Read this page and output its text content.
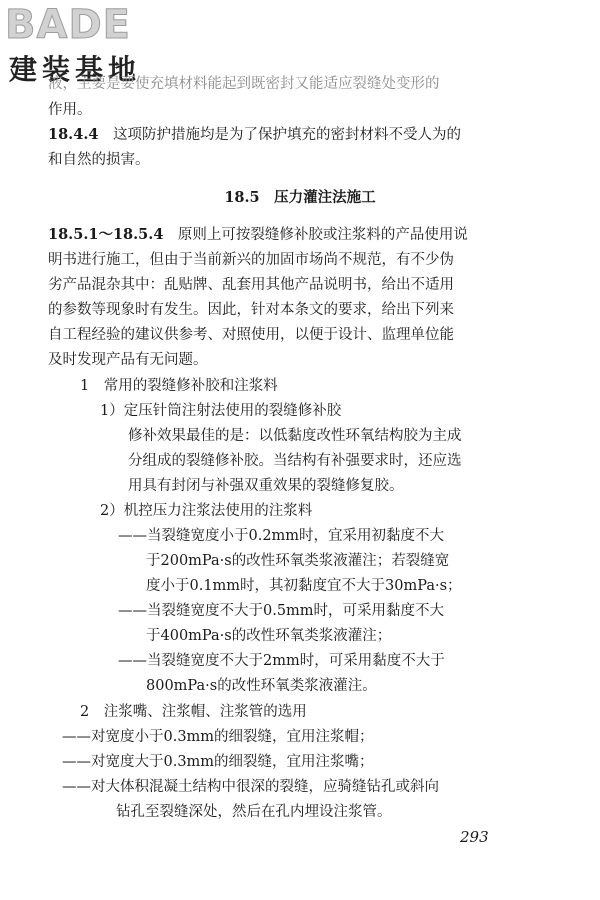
BADE
建装基地
液，主要是要使充填材料能起到既密封又能适应裂缝处变形的
作用。
18.4.4　 这项防护措施均是为了保护填充的密封材料不受人为的
和自然的损害。
18.5　 压力灌注法施工
18.5.1～18.5.4　 原则上可按裂缝修补胶或注浆料的产品使用说
明书进行施工，但由于当前新兴的加固市场尚不规范，有不少伪
劣产品混杂其中：乱贴牌、乱套用其他产品说明书，给出不适用
的参数等现象时有发生。因此，针对本条文的要求，给出下列来
自工程经验的建议供参考、对照使用，以便于设计、监理单位能
及时发现产品有无问题。
1　常用的裂缝修补胶和注浆料
1）定压针筒注射法使用的裂缝修补胶
修补效果最佳的是：以低黏度改性环氧结构胶为主成
分组成的裂缝修补胶。当结构有补强要求时，还应选
用具有封闭与补强双重效果的裂缝修复胶。
2）机控压力注浆法使用的注浆料
——当裂缝宽度小于0.2mm时，宜采用初黏度不大
于200mPa·s的改性环氧类浆液灌注；若裂缝宽
度小于0.1mm时，其初黏度宜不大于30mPa·s；
——当裂缝宽度不大于0.5mm时，可采用黏度不大
于400mPa·s的改性环氧类浆液灌注；
——当裂缝宽度不大于2mm时，可采用黏度不大于
800mPa·s的改性环氧类浆液灌注。
2　注浆嘴、注浆帽、注浆管的选用
——对宽度小于0.3mm的细裂缝，宜用注浆帽；
——对宽度大于0.3mm的细裂缝，宜用注浆嘴；
——对大体积混凝土结构中很深的裂缝，应骑缝钻孔或斜向
钻孔至裂缝深处，然后在孔内埋设注浆管。
293
